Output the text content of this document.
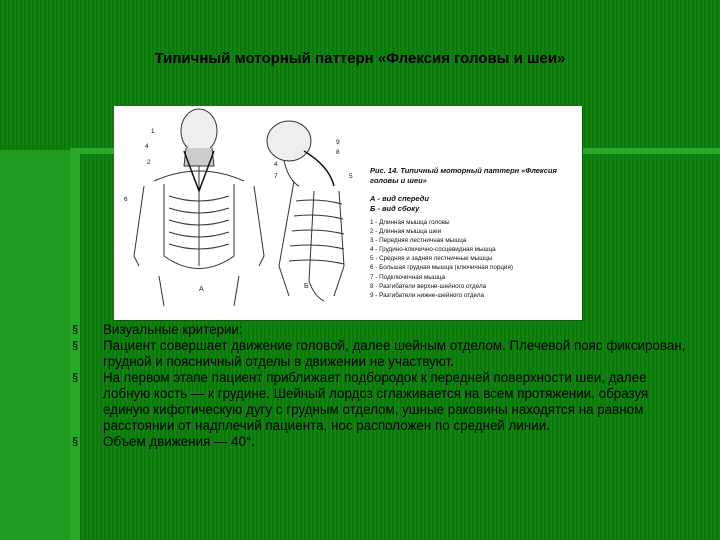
Типичный моторный паттерн «Флексия головы и шеи»
А	Б
1
4
2
6
9
8
4
7	5
Рис. 14. Типичный моторный паттерн «Флексия головы и шеи»
А - вид спереди
Б - вид сбоку
1 - Длинная мышца головы
2 - Длинная мышца шеи
3 - Передняя лестничная мышца
4 - Грудино-ключично-сосцевидная мышца
5 - Средняя и задняя лестничные мышцы
6 - Большая грудная мышца (ключичная порция)
7 - Подключичная мышца
8 - Разгибатели верхне-шейного отдела
9 - Разгибатели нижне-шейного отдела
§ Визуальные критерии:
§ Пациент совершает движение головой, далее шейным отделом. Плечевой пояс фиксирован, грудной и поясничный отделы в движении не участвуют.
§ На первом этапе пациент приближает подбородок к передней поверхности шеи, далее лобную кость — к грудине. Шейный лордоз сглаживается на всем протяжении, образуя единую кифотическую дугу с грудным отделом, ушные раковины находятся на равном расстоянии от надплечий пациента, нос расположен по средней линии.
§ Объем движения — 40°.
